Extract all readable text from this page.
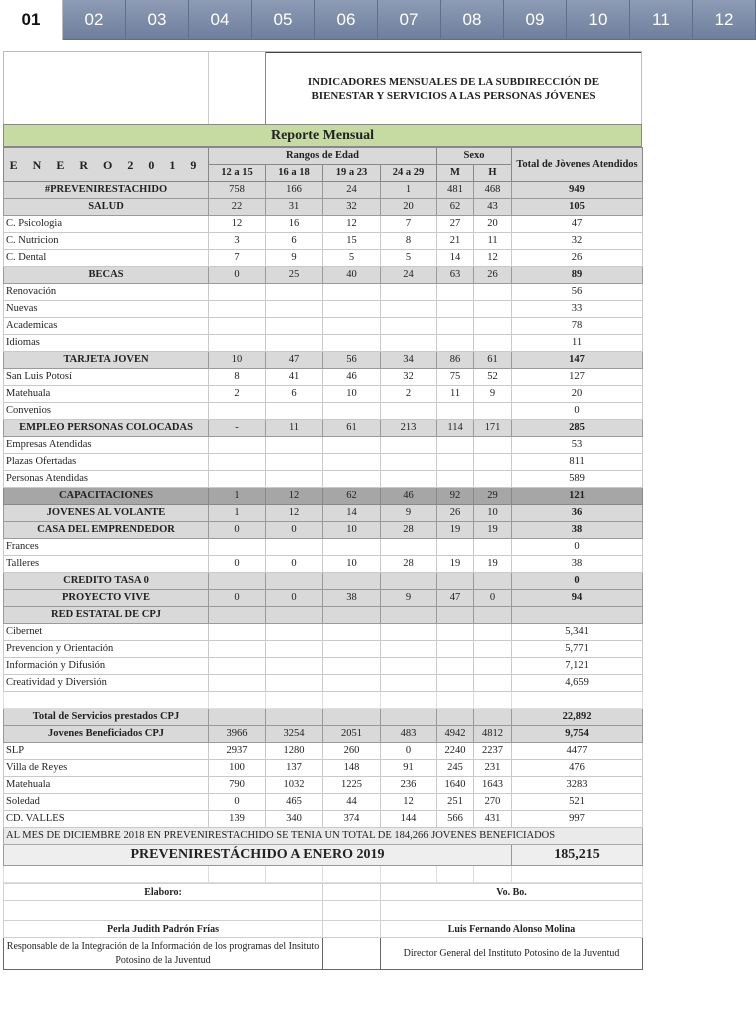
01	02	03	04	05	06	07	08	09	10	11	12
INDICADORES MENSUALES DE LA SUBDIRECCIÓN DE
BIENESTAR Y SERVICIOS A LAS PERSONAS JÓVENES
Reporte Mensual
E N E R O 2 0 1 9	Rangos de Edad				Sexo		Total de Jòvenes Atendidos
	12 a 15	16 a 18	19 a 23	24 a 29	M	H	
#PREVENIRESTACHIDO	758	166	24	1	481	468	949
SALUD	22	31	32	20	62	43	105
C. Psicologia	12	16	12	7	27	20	47
C. Nutricion	3	6	15	8	21	11	32
C. Dental	7	9	5	5	14	12	26
BECAS	0	25	40	24	63	26	89
Renovación							56
Nuevas							33
Academicas							78
Idiomas							11
TARJETA JOVEN	10	47	56	34	86	61	147
San Luis Potosí	8	41	46	32	75	52	127
Matehuala	2	6	10	2	11	9	20
Convenios							0
EMPLEO PERSONAS COLOCADAS	-	11	61	213	114	171	285
Empresas Atendidas							53
Plazas Ofertadas							811
Personas Atendidas							589
CAPACITACIONES	1	12	62	46	92	29	121
JOVENES AL VOLANTE	1	12	14	9	26	10	36
CASA DEL EMPRENDEDOR	0	0	10	28	19	19	38
Frances							0
Talleres	0	0	10	28	19	19	38
CREDITO TASA 0							0
PROYECTO VIVE	0	0	38	9	47	0	94
RED ESTATAL DE CPJ							
Cibernet							5,341
Prevencion y Orientación							5,771
Información y Difusión							7,121
Creatividad y Diversión							4,659

Total de Servicios prestados CPJ							22,892
Jovenes Beneficiados CPJ	3966	3254	2051	483	4942	4812	9,754
SLP	2937	1280	260	0	2240	2237	4477
Villa de Reyes	100	137	148	91	245	231	476
Matehuala	790	1032	1225	236	1640	1643	3283
Soledad	0	465	44	12	251	270	521
CD. VALLES	139	340	374	144	566	431	997
AL MES DE DICIEMBRE 2018 EN PREVENIRESTACHIDO SE TENIA UN TOTAL DE 184,266 JOVENES BENEFICIADOS							
PREVENIRESTÁCHIDO A ENERO 2019							185,215

Elaboro:		Vo. Bo.

Perla Judith Padrón Frías		Luis Fernando Alonso Molina
Responsable de la Integración de la Información de los programas del Insituto Potosino de la Juventud		Director General del Instituto Potosino de la Juventud
